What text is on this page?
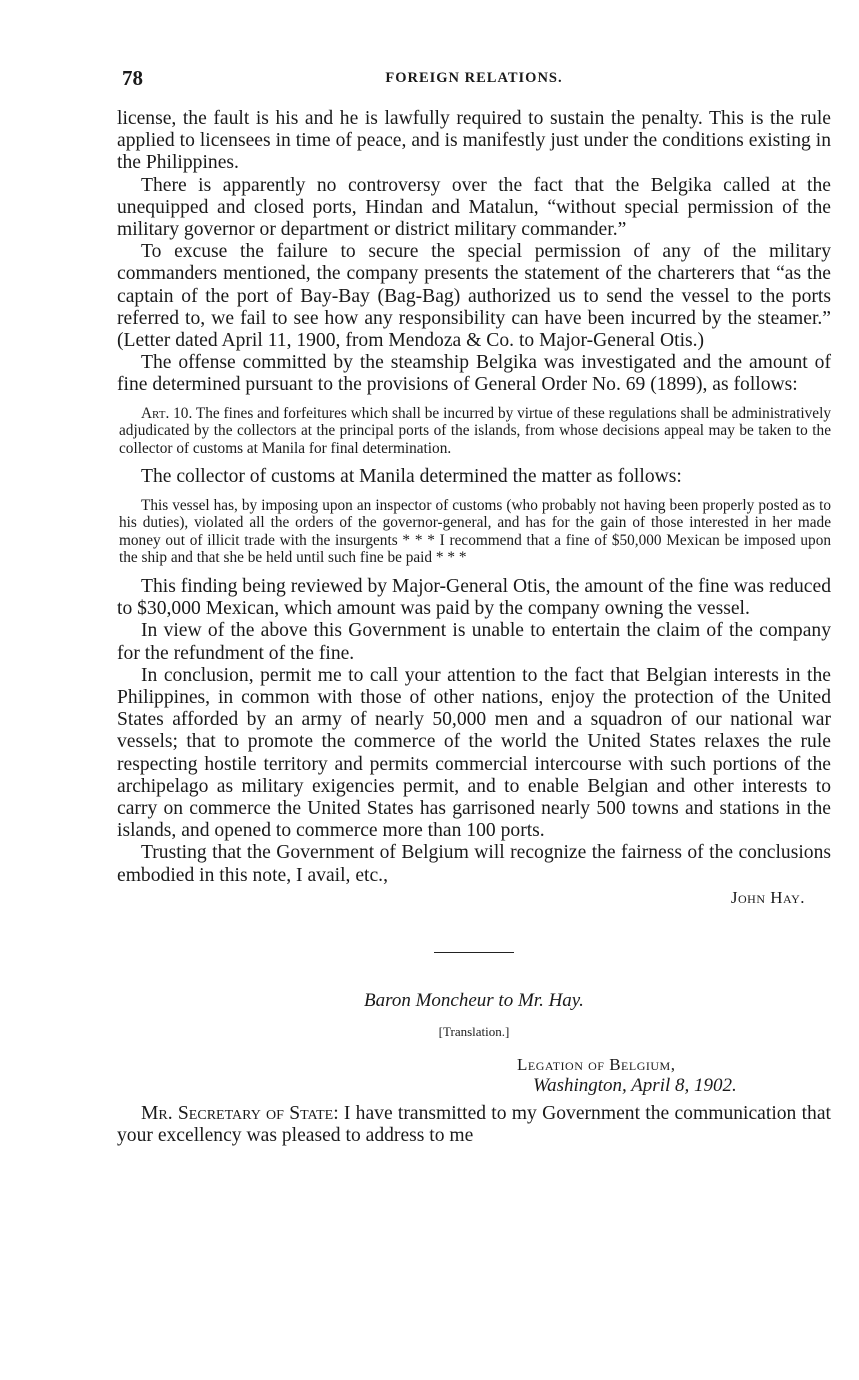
78	FOREIGN RELATIONS.

license, the fault is his and he is lawfully required to sustain the penalty. This is the rule applied to licensees in time of peace, and is manifestly just under the conditions existing in the Philippines.

There is apparently no controversy over the fact that the Belgika called at the unequipped and closed ports, Hindan and Matalun, “without special permission of the military governor or department or district military commander.”

To excuse the failure to secure the special permission of any of the military commanders mentioned, the company presents the statement of the charterers that “as the captain of the port of Bay-Bay (Bag-Bag) authorized us to send the vessel to the ports referred to, we fail to see how any responsibility can have been incurred by the steamer.” (Letter dated April 11, 1900, from Mendoza & Co. to Major-General Otis.)

The offense committed by the steamship Belgika was investigated and the amount of fine determined pursuant to the provisions of General Order No. 69 (1899), as follows:

Art. 10. The fines and forfeitures which shall be incurred by virtue of these regulations shall be administratively adjudicated by the collectors at the principal ports of the islands, from whose decisions appeal may be taken to the collector of customs at Manila for final determination.

The collector of customs at Manila determined the matter as follows:

This vessel has, by imposing upon an inspector of customs (who probably not having been properly posted as to his duties), violated all the orders of the governor-general, and has for the gain of those interested in her made money out of illicit trade with the insurgents * * * I recommend that a fine of $50,000 Mexican be imposed upon the ship and that she be held until such fine be paid * * *

This finding being reviewed by Major-General Otis, the amount of the fine was reduced to $30,000 Mexican, which amount was paid by the company owning the vessel.

In view of the above this Government is unable to entertain the claim of the company for the refundment of the fine.

In conclusion, permit me to call your attention to the fact that Belgian interests in the Philippines, in common with those of other nations, enjoy the protection of the United States afforded by an army of nearly 50,000 men and a squadron of our national war vessels; that to promote the commerce of the world the United States relaxes the rule respecting hostile territory and permits commercial intercourse with such portions of the archipelago as military exigencies permit, and to enable Belgian and other interests to carry on commerce the United States has garrisoned nearly 500 towns and stations in the islands, and opened to commerce more than 100 ports.

Trusting that the Government of Belgium will recognize the fairness of the conclusions embodied in this note, I avail, etc.,

John Hay.
Baron Moncheur to Mr. Hay.
[Translation.]
Legation of Belgium,
Washington, April 8, 1902.

Mr. Secretary of State: I have transmitted to my Government the communication that your excellency was pleased to address to me
